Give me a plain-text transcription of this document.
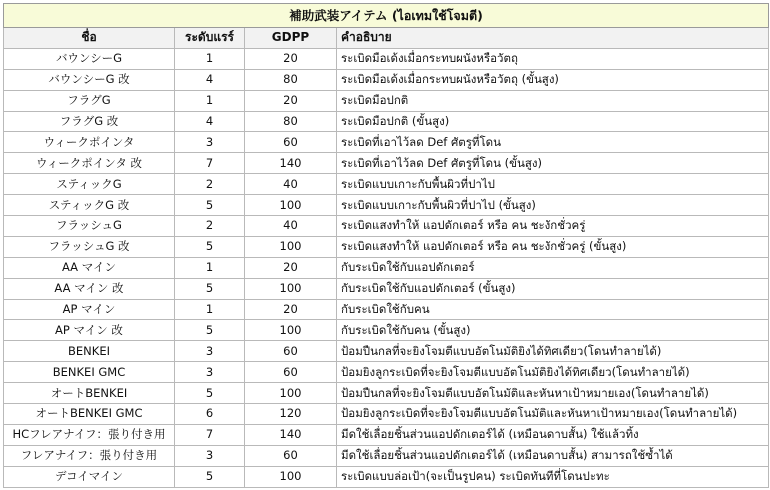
補助武装アイテム (ไอเทมใช้โจมตี)			
ชื่อ	ระดับแรร์	GDPP	คำอธิบาย
バウンシーG	1	20	ระเบิดมือเด้งเมื่อกระทบผนังหรือวัตถุ
バウンシーG 改	4	80	ระเบิดมือเด้งเมื่อกระทบผนังหรือวัตถุ (ขั้นสูง)
フラグG	1	20	ระเบิดมือปกติ
フラグG 改	4	80	ระเบิดมือปกติ (ขั้นสูง)
ウィークポインタ	3	60	ระเบิดที่เอาไว้ลด Def ศัตรูที่โดน
ウィークポインタ 改	7	140	ระเบิดที่เอาไว้ลด Def ศัตรูที่โดน (ขั้นสูง)
スティックG	2	40	ระเบิดแบบเกาะกับพื้นผิวที่ปาไป
スティックG 改	5	100	ระเบิดแบบเกาะกับพื้นผิวที่ปาไป (ขั้นสูง)
フラッシュG	2	40	ระเบิดแสงทำให้ แอปดักเตอร์ หรือ คน ชะงักชั่วครู่
フラッシュG 改	5	100	ระเบิดแสงทำให้ แอปดักเตอร์ หรือ คน ชะงักชั่วครู่ (ขั้นสูง)
AA マイン	1	20	กับระเบิดใช้กับแอปดักเตอร์
AA マイン 改	5	100	กับระเบิดใช้กับแอปดักเตอร์ (ขั้นสูง)
AP マイン	1	20	กับระเบิดใช้กับคน
AP マイン 改	5	100	กับระเบิดใช้กับคน (ขั้นสูง)
BENKEI	3	60	ป้อมปืนกลที่จะยิงโจมตีแบบอัตโนมัติยิงได้ทิศเดียว(โดนทำลายได้)
BENKEI GMC	3	60	ป้อมยิงลูกระเบิดที่จะยิงโจมตีแบบอัตโนมัติยิงได้ทิศเดียว(โดนทำลายได้)
オートBENKEI	5	100	ป้อมปืนกลที่จะยิงโจมตีแบบอัตโนมัติและหันหาเป้าหมายเอง(โดนทำลายได้)
オートBENKEI GMC	6	120	ป้อมยิงลูกระเบิดที่จะยิงโจมตีแบบอัตโนมัติและหันหาเป้าหมายเอง(โดนทำลายได้)
HCフレアナイフ：張り付き用	7	140	มีดใช้เลื่อยชิ้นส่วนแอปดักเตอร์ได้ (เหมือนดาบสั้น) ใช้แล้วทิ้ง
フレアナイフ：張り付き用	3	60	มีดใช้เลื่อยชิ้นส่วนแอปดักเตอร์ได้ (เหมือนดาบสั้น) สามารถใช้ซ้ำได้
デコイマイン	5	100	ระเบิดแบบล่อเป้า(จะเป็นรูปคน) ระเบิดทันทีที่โดนปะทะ
